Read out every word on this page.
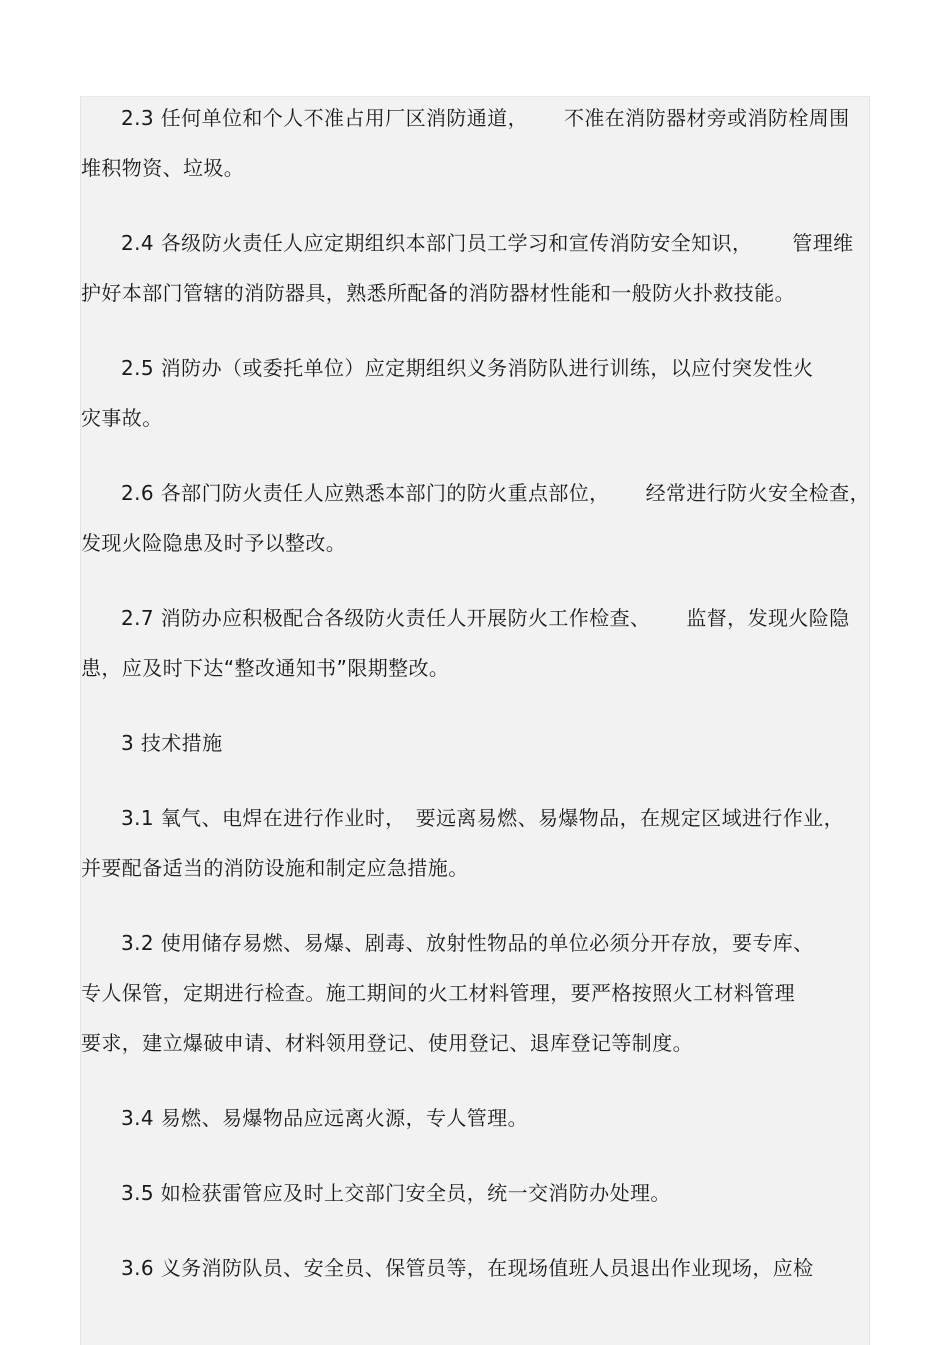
2.3 任何单位和个人不准占用厂区消防通道， 不准在消防器材旁或消防栓周围
堆积物资、垃圾。
2.4 各级防火责任人应定期组织本部门员工学习和宣传消防安全知识， 管理维
护好本部门管辖的消防器具，熟悉所配备的消防器材性能和一般防火扑救技能。
2.5 消防办（或委托单位）应定期组织义务消防队进行训练，以应付突发性火
灾事故。
2.6 各部门防火责任人应熟悉本部门的防火重点部位， 经常进行防火安全检查，
发现火险隐患及时予以整改。
2.7 消防办应积极配合各级防火责任人开展防火工作检查、 监督，发现火险隐
患，应及时下达“整改通知书”限期整改。
3 技术措施
3.1 氧气、电焊在进行作业时， 要远离易燃、易爆物品，在规定区域进行作业，
并要配备适当的消防设施和制定应急措施。
3.2 使用储存易燃、易爆、剧毒、放射性物品的单位必须分开存放，要专库、
专人保管，定期进行检查。施工期间的火工材料管理，要严格按照火工材料管理
要求，建立爆破申请、材料领用登记、使用登记、退库登记等制度。
3.4 易燃、易爆物品应远离火源，专人管理。
3.5 如检获雷管应及时上交部门安全员，统一交消防办处理。
3.6 义务消防队员、安全员、保管员等，在现场值班人员退出作业现场，应检
